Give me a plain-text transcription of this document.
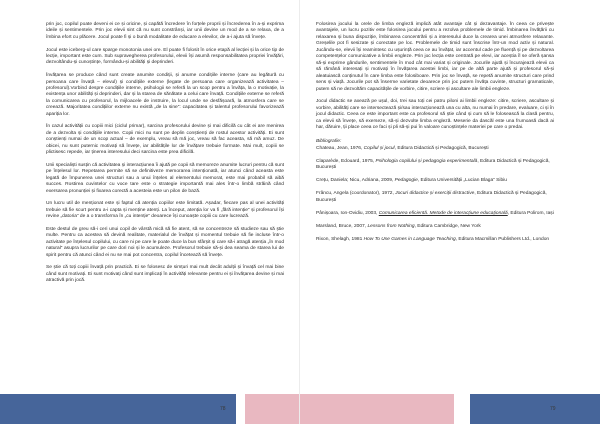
prin joc, copilul poate deveni ei ce și oricine, și capătă încredere în forțele proprii și încrederea în a-și exprima ideile și sentimentele. Prin joc elevii sint că nu sunt constrânși, iar unii devine un mod de a se relaxa, de a îmbina efort cu plăcere. Jocul poate fi și o bună modalitate de educare a elevilor, de a-i ajuta să învețe.

Jocul este iceberg-ul care sparge monotonia unei ore. El poate fi folosit în orice etapă al lecției și la orice tip de lecție, important este cum. Sub supravegherea profesorului, elevii își asumă responsabilitatea propriei învățări, dezvoltându-și cunoștințe, formându-și abilități și deprinderi.

Învățarea se produce când sunt create anumite condiții, și anume condițiile interne (care au legătură cu persoana care învață – elevul) și condițiile externe (legate de persoana care organizează activitatea – profesorul).Vorbind despre condițiile interne, psihologii se referă la un scop pentru a învăța, la o motivație, la existența unor abilități și deprinderi, dar și la starea de sănătate a celui care învață. Condițiile externe se referă la comunicarea cu profesorul, la mijloacele de instruire, la locul unde se desfășoară, la atmosfera care se creează. Majoritatea condițiilor externe nu există „de la sine”: capacitatea și talentul profesorului favorizează apariția lor.

În cazul activității cu copiii mici (ciclul primar), sarcina profesorului devine și mai dificilă cu cât ei are menirea de a dezvolta și condițiile interne. Copii mici nu sunt pe deplin conștienți de rostul acestor activități. Ei sunt conștienți numai de un scop actual – de exemplu, vreau să mă joc, vreau să fac aceasta, să mă amuz. De obicei, nu sunt puternic motivați să învețe, iar abilitățile lor de învățare trebuie formate. Mai mult, copiii se plictisesc repede, iar ținerea interesului deci sarcina este prea dificilă.

Unii specialiști susțin că activitatea și interacțiunea îi ajută pe copii să memoreze anumite lucruri pentru că sunt pe înțelesul lor. Repetarea permite să se definitiveze memorarea intenționată, iar atunci când aceasta este legată de împunerea unei structuri sau a unui înțeles al elementului memorat, este mai probabil să aibă succes. Rostirea cuvintelor cu voce tare este o strategie importantă mai ales într-o limbă străină când exersarea pronunției și fixarea corectă a acesteia este un pilon de bază.

Un lucru util de menționat este și faptul că atenția copiilor este limitată. Așadar, fiecare pas al unei activități trebuie să fie scurt pentru a-i capta și menține atenți. La început, atenția lor va fi „fără intenție” și profesorul își revine „datoria” de a o transforma în „cu intenție” deoarece își cunoaște copiii cu care lucrează.

Este destul de greu să-i ceri unui copil de vârstă mică să fie atent, să se concentreze să studieze sau să știe multe. Pentru ca acestea să devină realitate, materialul de învățat și momentul trebuie să fie incluse într-o activitate pe înțelesul copilului, cu care ni pe care le poate duce la bun sfârșit și care să-i atragă atenția „în mod natural” asupra lucrurilor pe care dori noi și le acumuleze. Profesorul trebuie să-și dea seama de starea lui de spirit pentru că atunci când ei nu se mai pot concentra, copilul încetează să învețe.

Se știe că toți copiii învață prin practică. Ei se folosesc de simțuri mai mult decât adulții și învață cel mai bine când sunt motivați. Ei sunt motivați când sunt implicați în activități relevante pentru ei și învățarea devine și mai atractivă prin jocă.

78

Folosirea jocului la orele de limba engleză implică atât avantaje cât și dezavantaje. În ceea ce privește avantajele, un lucru pozitiv este folosirea jocului pentru a rezolva problemele de timid. Îmbinarea învățării cu relaxarea și buna dispoziție, îmbinarea concentrării și a interesului duce la crearea unei atmosfere relaxante. Greșelile pot fi sesizate și corectate pe loc. Problemele de timid sunt înscrise într-un mod activ și natural. Jucându-se, elevii își reamintesc cu ușurință ceea ce au învățat, iar accentul cade pe fluență și pe dezvoltarea competențelor comunicative a limbii engleze. Prin joc lecția este centrată pe elevi, iar aceștia îl se oferă șansa să-și exprime gândurile, sentimentele în mod cât mai variat și originale. Jocurile ajută și încurajează elevii ca să rămână interesați și motivați în învățarea acestei limbi, iar pe de altă parte ajută și profesorul să-și aleatuiască conținutul în care limba este folosiboare. Prin joc se învață, se repetă anumite structuri care prind sens și viață. Jocurile pot să înserme varietate deoarece prin joc putem învăța cuvinte, structuri gramaticale, putem să ne dezvoltăm capacitățile de vorbire, citire, scriere și ascultare ale limbii engleze.

Jocul didactic se axează pe ușul, doi, trei sau toți cei patru piloni ai limbii engleze: citire, scriere, ascultare și vorbire, abilități care se intersectează și/sau interacționează una cu alta, nu numai în predare, evaluare, ci și în jocul didactic. Ceea ce este important este ca profesorul să știe când și cum să le folosească la clasă pentru, ca elevii să învețe, să exerseze, să-și dezvolte limba engleză. Meserie da dascăl este una frumoasă dacă ai har, dăruire, ții place ceea ce faci și pli să-și pui în valoare cunoștințele materiei pe care o predai.

Bibliografie:

Chateau, Jean, 1976, Copilul și jocul, Editura Didactică și Pedagogică, București

Claparède, Edouard, 1975, Psihologia copilului și pedagogia experimentală, Editura Didactică și Pedagogică, București

Crețu, Daniela; Nicu, Adriana, 2009, Pedagogie, Editura Universității „Lucian Blaga” Sibiu

Frâncu, Angela (coordonator), 1972, Jocuri didactice și exerciții distractive, Editura Didactică și Pedagogică, București

Pânișoara, Ion-Ovidiu, 2003, Comunicarea eficientă. Metode de interacțiune educațională, Editura Polirom, Iași

Marsland, Bruce, 2007, Lessons from Nothing, Editura Cambridge, New York

Rixon, Shelagh, 1981 How To Use Games in Language Teaching, Editura Macmillan Publishers Ltd., London

79
